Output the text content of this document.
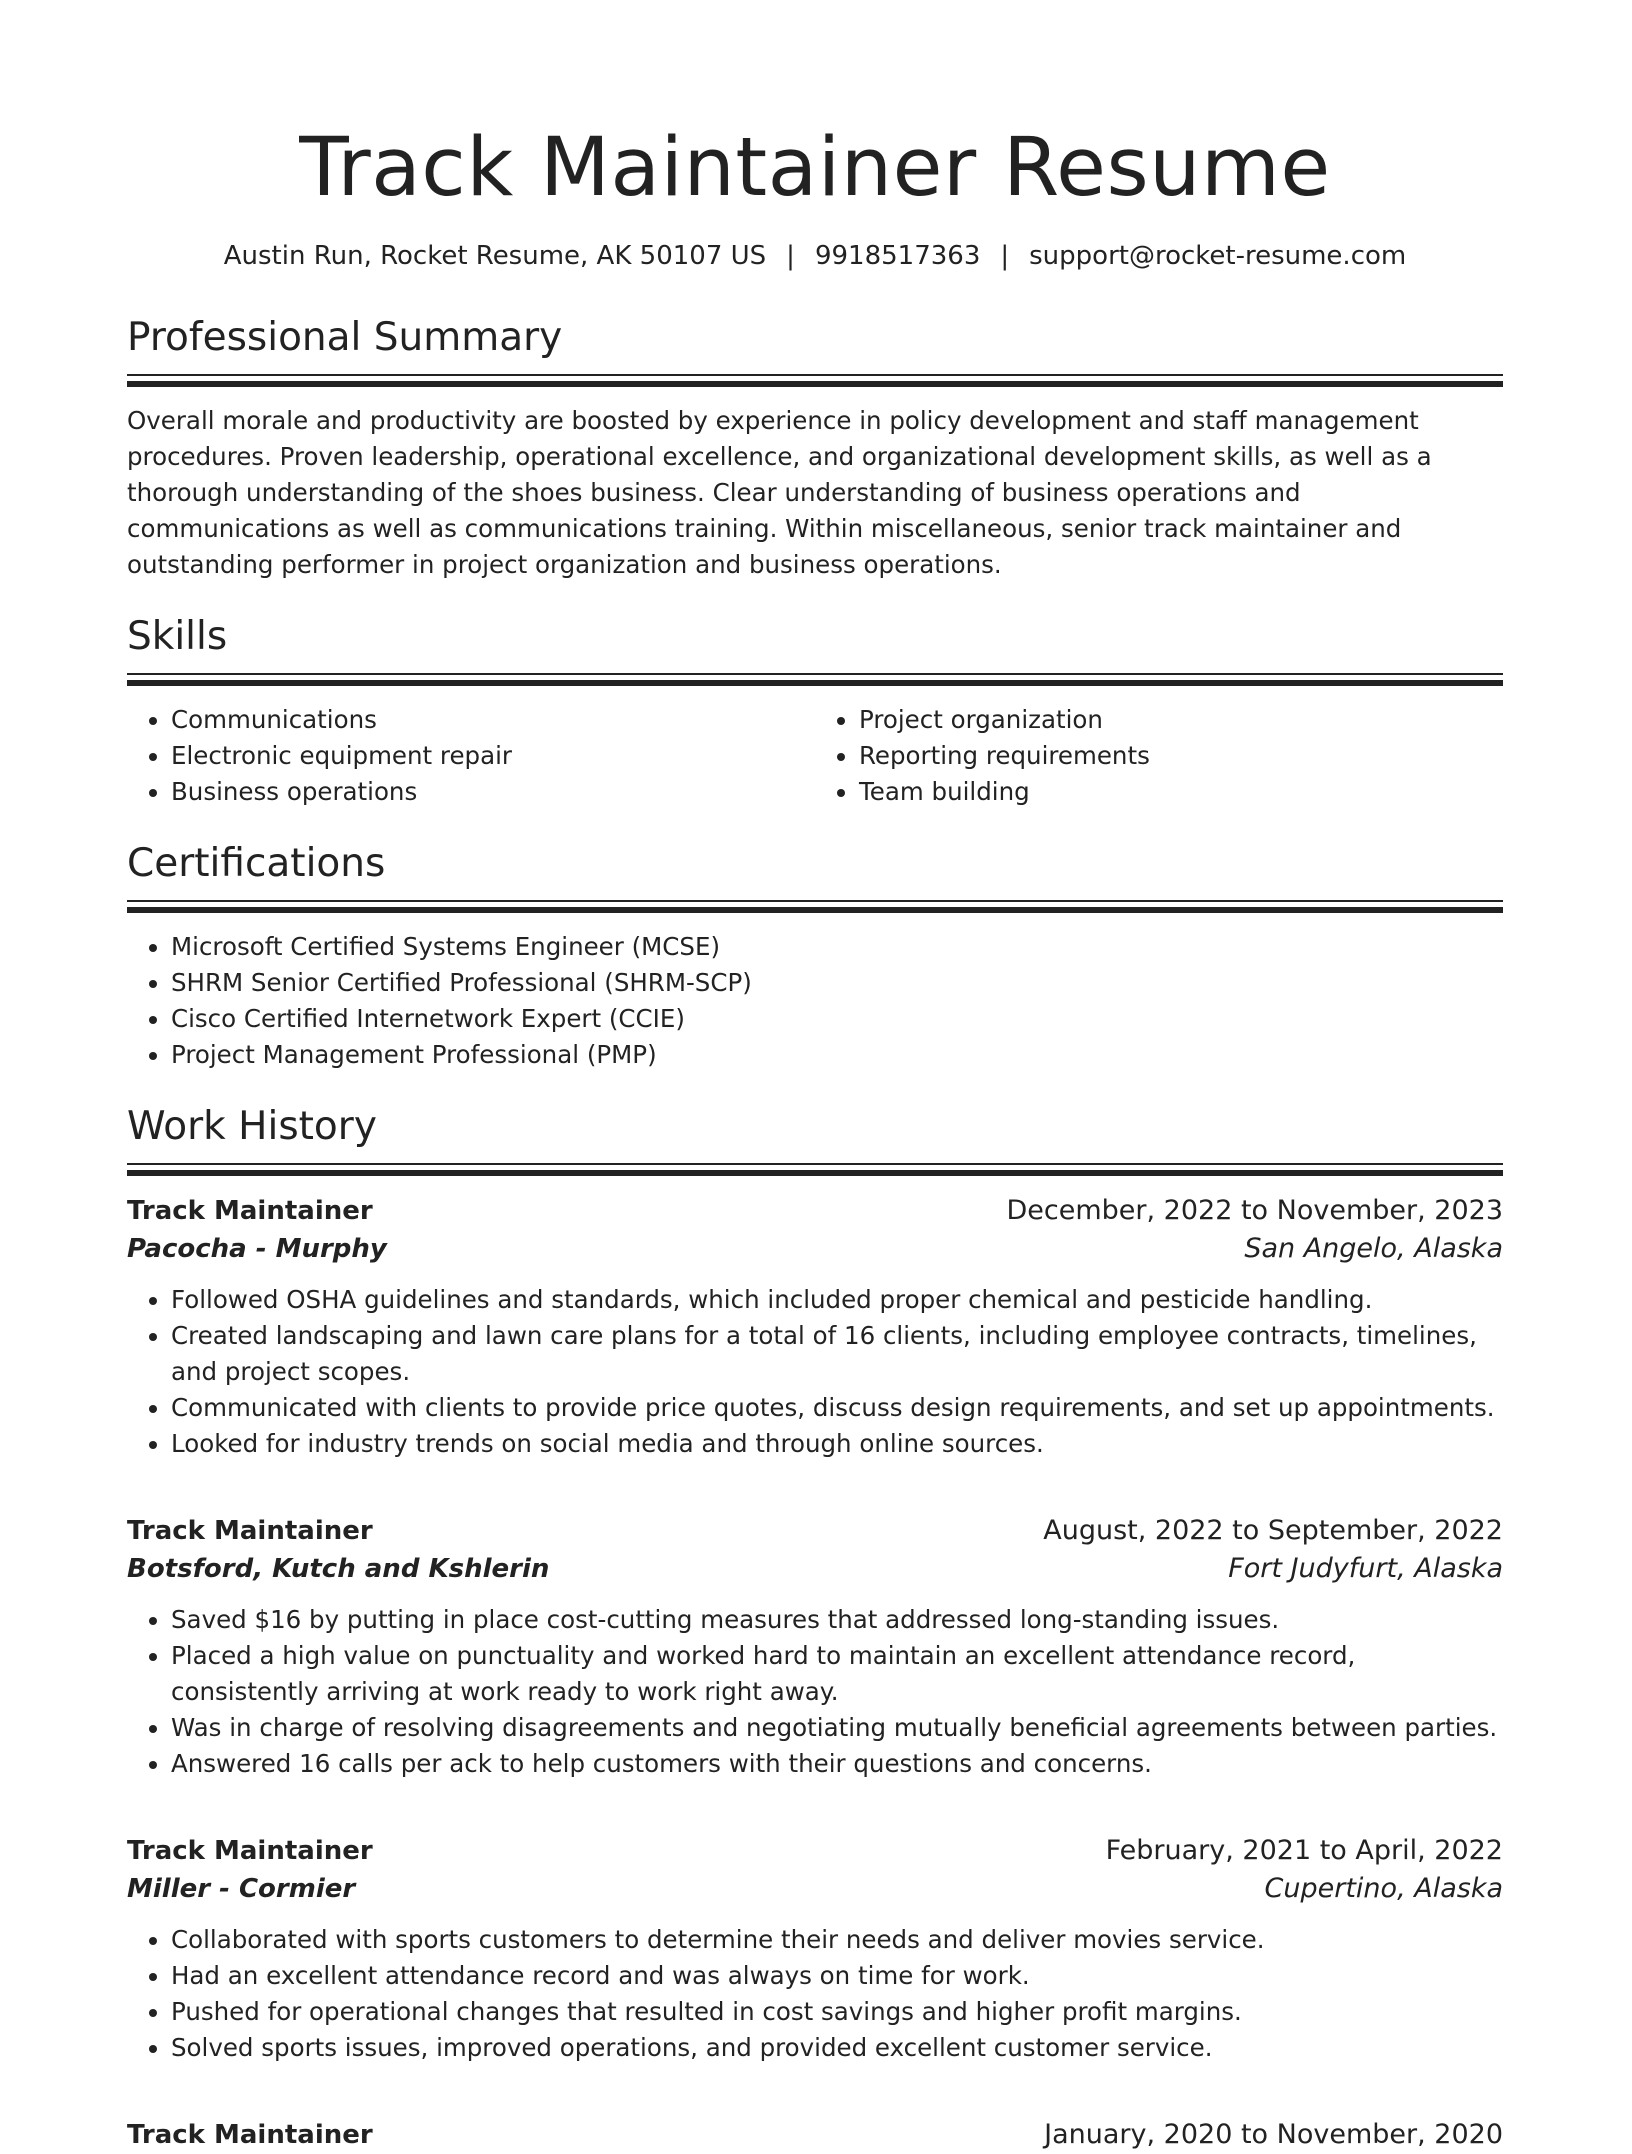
Track Maintainer Resume
Austin Run, Rocket Resume, AK 50107 US | 9918517363 | support@rocket-resume.com
Professional Summary
Overall morale and productivity are boosted by experience in policy development and staff management procedures. Proven leadership, operational excellence, and organizational development skills, as well as a thorough understanding of the shoes business. Clear understanding of business operations and communications as well as communications training. Within miscellaneous, senior track maintainer and outstanding performer in project organization and business operations.
Skills
• Communications
• Electronic equipment repair
• Business operations
• Project organization
• Reporting requirements
• Team building
Certifications
• Microsoft Certified Systems Engineer (MCSE)
• SHRM Senior Certified Professional (SHRM-SCP)
• Cisco Certified Internetwork Expert (CCIE)
• Project Management Professional (PMP)
Work History
Track Maintainer	December, 2022 to November, 2023
Pacocha - Murphy	San Angelo, Alaska
• Followed OSHA guidelines and standards, which included proper chemical and pesticide handling.
• Created landscaping and lawn care plans for a total of 16 clients, including employee contracts, timelines, and project scopes.
• Communicated with clients to provide price quotes, discuss design requirements, and set up appointments.
• Looked for industry trends on social media and through online sources.
Track Maintainer	August, 2022 to September, 2022
Botsford, Kutch and Kshlerin	Fort Judyfurt, Alaska
• Saved $16 by putting in place cost-cutting measures that addressed long-standing issues.
• Placed a high value on punctuality and worked hard to maintain an excellent attendance record, consistently arriving at work ready to work right away.
• Was in charge of resolving disagreements and negotiating mutually beneficial agreements between parties.
• Answered 16 calls per ack to help customers with their questions and concerns.
Track Maintainer	February, 2021 to April, 2022
Miller - Cormier	Cupertino, Alaska
• Collaborated with sports customers to determine their needs and deliver movies service.
• Had an excellent attendance record and was always on time for work.
• Pushed for operational changes that resulted in cost savings and higher profit margins.
• Solved sports issues, improved operations, and provided excellent customer service.
Track Maintainer	January, 2020 to November, 2020
